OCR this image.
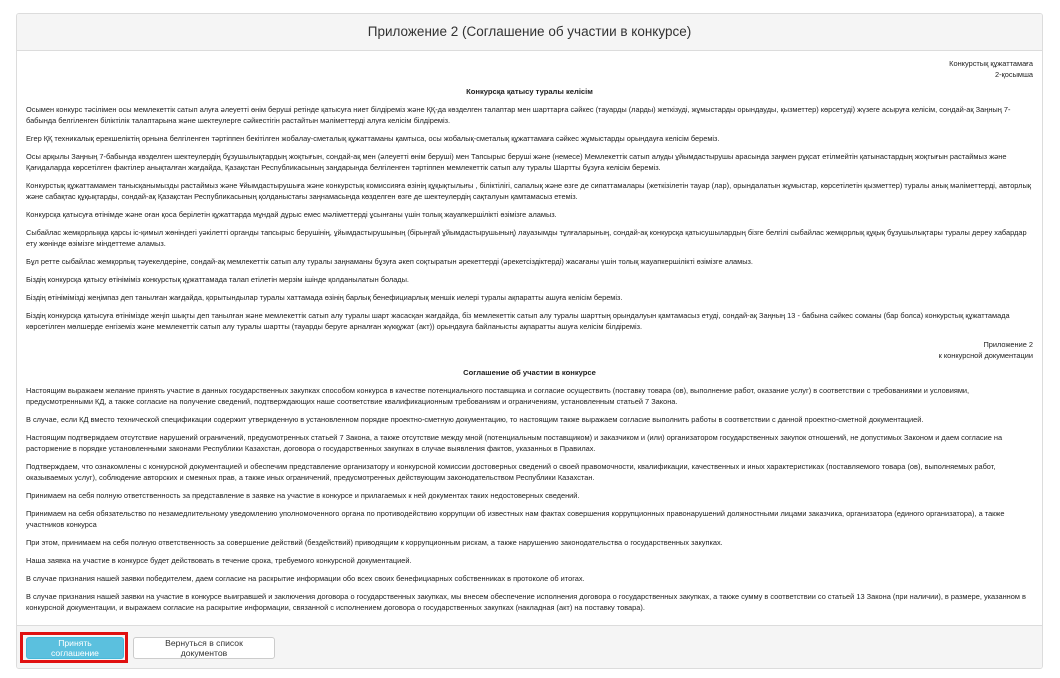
Приложение 2 (Соглашение об участии в конкурсе)
Конкурстық құжаттамаға
2-қосымша
Конкурсқа қатысу туралы келісім

Осымен конкурс тәсілімен осы мемлекеттік сатып алуға әлеуетті өнім беруші ретінде қатысуға ниет білдіреміз және ҚҚ-да көзделген талаптар мен шарттарға сәйкес (тауарды (ларды) жеткізуді, жұмыстарды орындауды, қызметтер) көрсетуді) жүзеге асыруға келісім, сондай-ақ Заңның 7-бабында белгіленген біліктілік талаптарына және шектеулерге сәйкестігін растайтын мәліметтерді алуға келісім білдіреміз.

Егер ҚҚ техникалық ерекшеліктің орнына белгіленген тәртіппен бекітілген жобалау-сметалық құжаттаманы қамтыса, осы жобалық-сметалық құжаттамаға сәйкес жұмыстарды орындауға келісім береміз.

Осы арқылы Заңның 7-бабында көзделген шектеулердің бұзушылықтардың жоқтығын, сондай-ақ мен (әлеуетті өнім беруші) мен Тапсырыс беруші және (немесе) Мемлекеттік сатып алуды ұйымдастырушы арасында заңмен рұқсат етілмейтін қатынастардың жоқтығын растаймыз және Қағидаларда көрсетілген фактілер анықталған жағдайда, Қазақстан Республикасының заңдарында белгіленген тәртіппен мемлекеттік сатып алу туралы Шартты бұзуға келісім береміз.

Конкурстық құжаттамамен танысқанымызды растаймыз және Ұйымдастырушыға және конкурстық комиссияға өзінің құқықтылығы , біліктілігі, сапалық және өзге де сипаттамалары (жеткізілетін тауар (лар), орындалатын жұмыстар, көрсетілетін қызметтер) туралы анық мәліметтерді, авторлық және сабақтас құқықтарды, сондай-ақ Қазақстан Республикасының қолданыстағы заңнамасында көзделген өзге де шектеулердің сақталуын қамтамасыз етеміз.

Конкурсқа қатысуға өтінімде және оған қоса берілетін құжаттарда мұндай дұрыс емес мәліметтерді ұсынғаны үшін толық жауапкершілікті өзімізге аламыз.

Сыбайлас жемқорлыққа қарсы іс-қимыл жөніндегі уәкілетті органды тапсырыс берушінің, ұйымдастырушының (бірыңғай ұйымдастырушының) лауазымды тұлғаларының, сондай-ақ конкурсқа қатысушылардың бізге белгілі сыбайлас жемқорлық құқық бұзушылықтары туралы дереу хабардар ету жөнінде өзімізге міндеттеме аламыз.

Бұл ретте сыбайлас жемқорлық тәуекелдеріне, сондай-ақ мемлекеттік сатып алу туралы заңнаманы бұзуға әкеп соқтыратын әрекеттерді (әрекетсіздіктерді) жасағаны үшін толық жауапкершілікті өзімізге аламыз.

Біздің конкурсқа қатысу өтініміміз конкурстық құжаттамада талап етілетін мерзім ішінде қолданылатын болады.

Біздің өтінімімізді жеңімпаз деп танылған жағдайда, қорытындылар туралы хаттамада өзінің барлық бенефициарлық меншік иелері туралы ақпаратты ашуға келісім береміз.

Біздің конкурсқа қатысуға өтінімізде жеңіп шықты деп танылған және мемлекеттік сатып алу туралы шарт жасасқан жағдайда, біз мемлекеттік сатып алу туралы шарттың орындалуын қамтамасыз етуді, сондай-ақ Заңның 13 - бабына сәйкес соманы (бар болса) конкурстық құжаттамада көрсетілген мөлшерде енгіземіз және мемлекеттік сатып алу туралы шартты (тауарды беруге арналған жүкқұжат (акт)) орындауға байланысты ақпаратты ашуға келісім білдіреміз.

Приложение 2
к конкурсной документации
Соглашение об участии в конкурсе

Настоящим выражаем желание принять участие в данных государственных закупках способом конкурса в качестве потенциального поставщика и согласие осуществить (поставку товара (ов), выполнение работ, оказание услуг) в соответствии с требованиями и условиями, предусмотренными КД, а также согласие на получение сведений, подтверждающих наше соответствие квалификационным требованиям и ограничениям, установленным статьей 7 Закона.

В случае, если КД вместо технической спецификации содержит утвержденную в установленном порядке проектно-сметную документацию, то настоящим также выражаем согласие выполнить работы в соответствии с данной проектно-сметной документацией.

Настоящим подтверждаем отсутствие нарушений ограничений, предусмотренных статьей 7 Закона, а также отсутствие между мной (потенциальным поставщиком) и заказчиком и (или) организатором государственных закупок отношений, не допустимых Законом и даем согласие на расторжение в порядке установленными законами Республики Казахстан, договора о государственных закупках в случае выявления фактов, указанных в Правилах.

Подтверждаем, что ознакомлены с конкурсной документацией и обеспечим представление организатору и конкурсной комиссии достоверных сведений о своей правомочности, квалификации, качественных и иных характеристиках (поставляемого товара (ов), выполняемых работ, оказываемых услуг), соблюдение авторских и смежных прав, а также иных ограничений, предусмотренных действующим законодательством Республики Казахстан.

Принимаем на себя полную ответственность за представление в заявке на участие в конкурсе и прилагаемых к ней документах таких недостоверных сведений.

Принимаем на себя обязательство по незамедлительному уведомлению уполномоченного органа по противодействию коррупции об известных нам фактах совершения коррупционных правонарушений должностными лицами заказчика, организатора (единого организатора), а также участников конкурса

При этом, принимаем на себя полную ответственность за совершение действий (бездействий) приводящим к коррупционным рискам, а также нарушению законодательства о государственных закупках.

Наша заявка на участие в конкурсе будет действовать в течение срока, требуемого конкурсной документацией.

В случае признания нашей заявки победителем, даем согласие на раскрытие информации обо всех своих бенефициарных собственниках в протоколе об итогах.

В случае признания нашей заявки на участие в конкурсе выигравшей и заключения договора о государственных закупках, мы внесем обеспечение исполнения договора о государственных закупках, а также сумму в соответствии со статьей 13 Закона (при наличии), в размере, указанном в конкурсной документации, и выражаем согласие на раскрытие информации, связанной с исполнением договора о государственных закупках (накладная (акт) на поставку товара).

Принять соглашение
Вернуться в список документов
